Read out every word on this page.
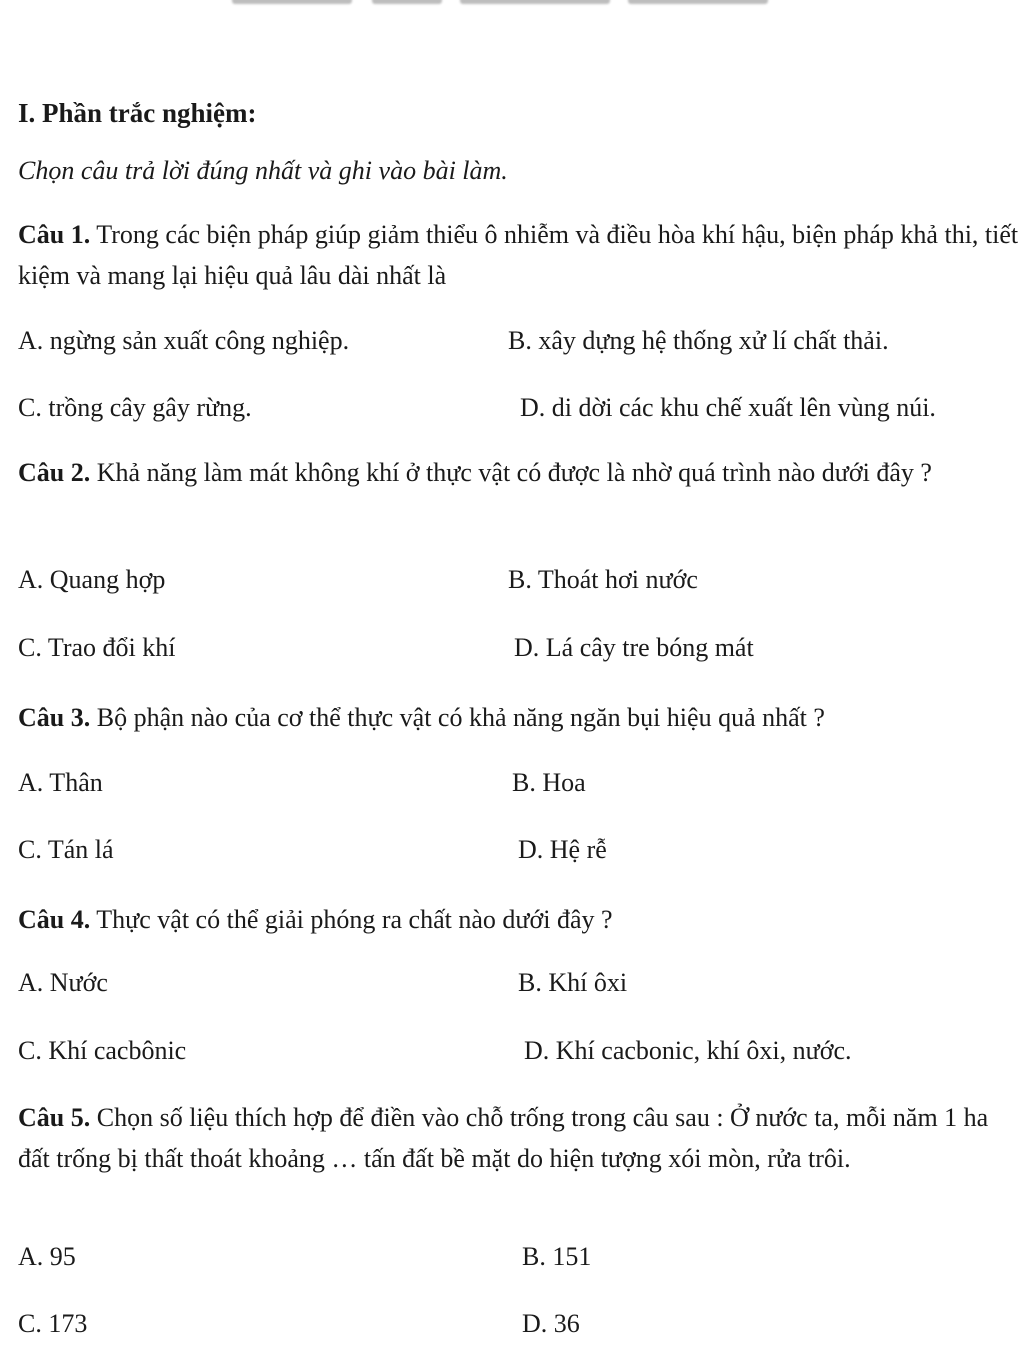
I. Phần trắc nghiệm:

Chọn câu trả lời đúng nhất và ghi vào bài làm.

Câu 1. Trong các biện pháp giúp giảm thiểu ô nhiễm và điều hòa khí hậu, biện pháp khả thi, tiết kiệm và mang lại hiệu quả lâu dài nhất là

A. ngừng sản xuất công nghiệp.	B. xây dựng hệ thống xử lí chất thải.

C. trồng cây gây rừng.	D. di dời các khu chế xuất lên vùng núi.

Câu 2. Khả năng làm mát không khí ở thực vật có được là nhờ quá trình nào dưới đây ?

A. Quang hợp	B. Thoát hơi nước

C. Trao đổi khí	D. Lá cây tre bóng mát

Câu 3. Bộ phận nào của cơ thể thực vật có khả năng ngăn bụi hiệu quả nhất ?

A. Thân	B. Hoa

C. Tán lá	D. Hệ rễ

Câu 4. Thực vật có thể giải phóng ra chất nào dưới đây ?

A. Nước	B. Khí ôxi

C. Khí cacbônic	D. Khí cacbonic, khí ôxi, nước.

Câu 5. Chọn số liệu thích hợp để điền vào chỗ trống trong câu sau : Ở nước ta, mỗi năm 1 ha đất trống bị thất thoát khoảng … tấn đất bề mặt do hiện tượng xói mòn, rửa trôi.

A. 95	B. 151

C. 173	D. 36
